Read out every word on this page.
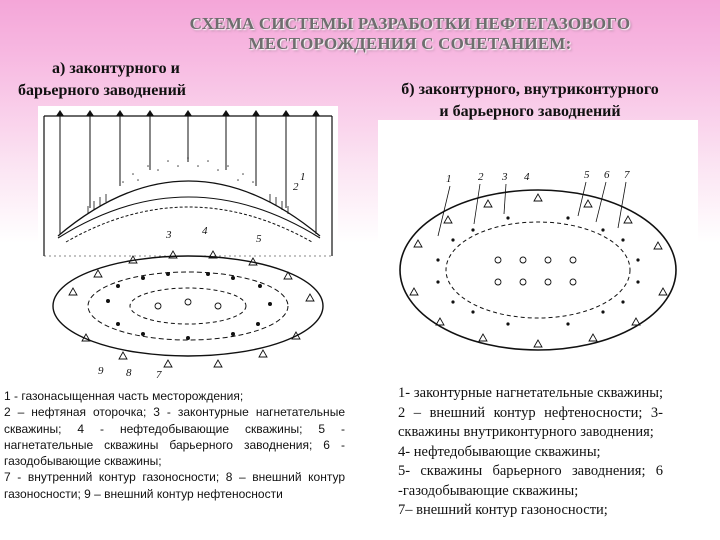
СХЕМА СИСТЕМЫ РАЗРАБОТКИ НЕФТЕГАЗОВОГО
МЕСТОРОЖДЕНИЯ С СОЧЕТАНИЕМ:
а) законтурного и
барьерного заводнений	б) законтурного, внутриконтурного
и барьерного заводнений
1
2
3	4
5
9 8 7
1 2 3 4	5 6 7
1 - газонасыщенная часть месторождения;
2 – нефтяная оторочка; 3 - законтурные нагнетательные скважины; 4 - нефтедобывающие скважины; 5 - нагнетательные скважины барьерного заводнения; 6 - газодобывающие скважины;
7 - внутренний контур газоносности; 8 – внешний контур газоносности; 9 – внешний контур нефтеносности
1- законтурные нагнетательные скважины; 2 – внешний контур нефтеносности; 3- скважины внутриконтурного заводнения;
4- нефтедобывающие скважины;
5- скважины барьерного заводнения; 6 -газодобывающие скважины;
7– внешний контур газоносности;
